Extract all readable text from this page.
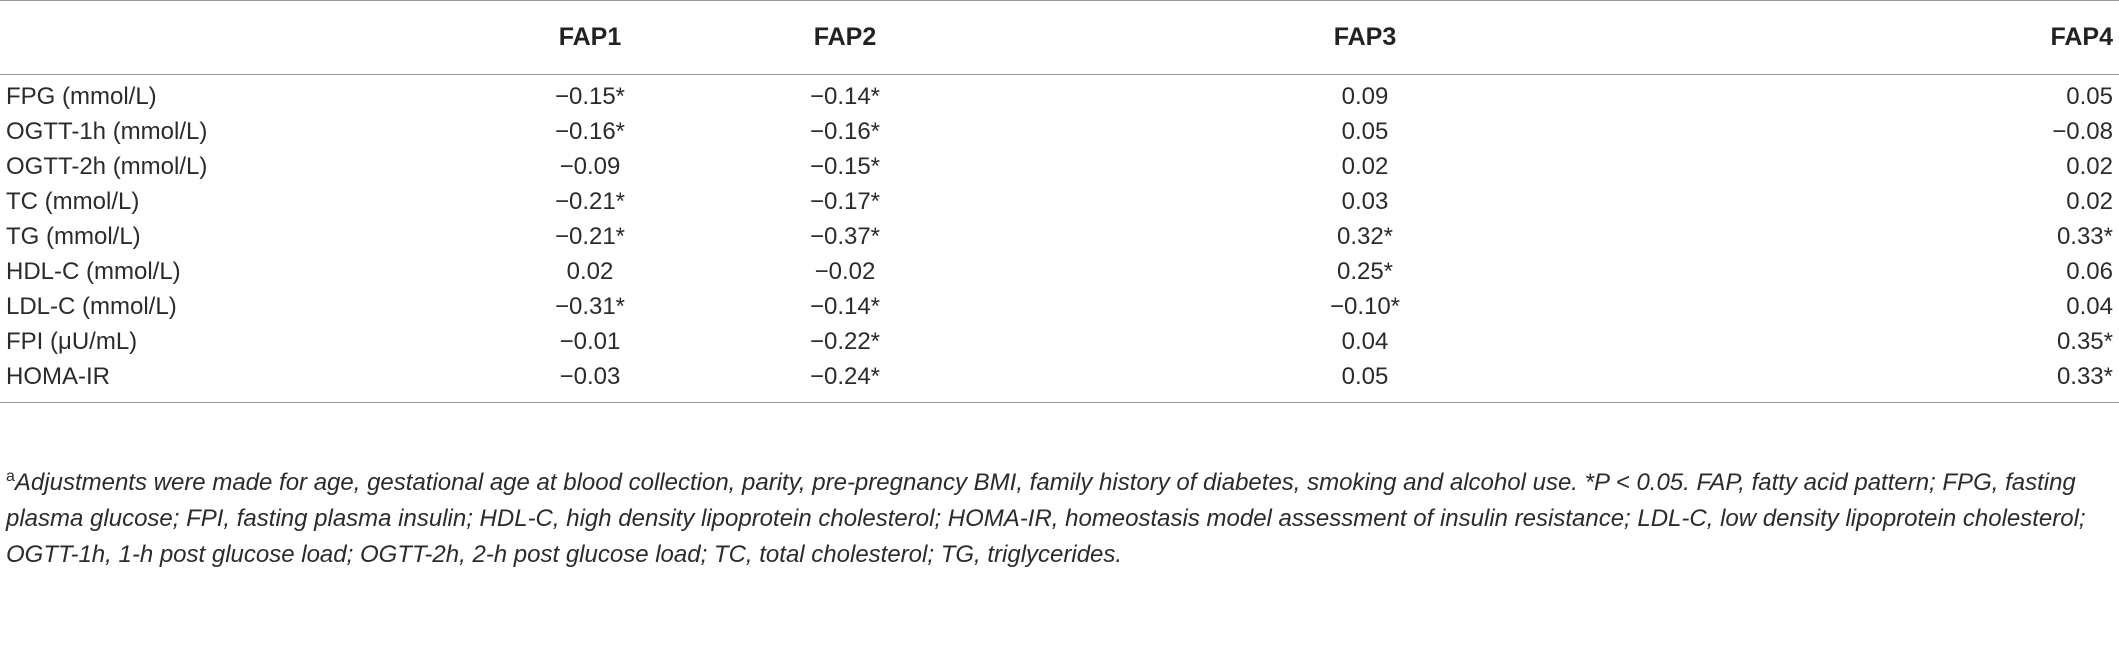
	FAP1	FAP2	FAP3	FAP4
FPG (mmol/L)	−0.15*	−0.14*	0.09	0.05
OGTT-1h (mmol/L)	−0.16*	−0.16*	0.05	−0.08
OGTT-2h (mmol/L)	−0.09	−0.15*	0.02	0.02
TC (mmol/L)	−0.21*	−0.17*	0.03	0.02
TG (mmol/L)	−0.21*	−0.37*	0.32*	0.33*
HDL-C (mmol/L)	0.02	−0.02	0.25*	0.06
LDL-C (mmol/L)	−0.31*	−0.14*	−0.10*	0.04
FPI (μU/mL)	−0.01	−0.22*	0.04	0.35*
HOMA-IR	−0.03	−0.24*	0.05	0.33*
$^a$Adjustments were made for age, gestational age at blood collection, parity, pre-pregnancy BMI, family history of diabetes, smoking and alcohol use. *P < 0.05. FAP, fatty acid pattern; FPG, fasting plasma glucose; FPI, fasting plasma insulin; HDL-C, high density lipoprotein cholesterol; HOMA-IR, homeostasis model assessment of insulin resistance; LDL-C, low density lipoprotein cholesterol; OGTT-1h, 1-h post glucose load; OGTT-2h, 2-h post glucose load; TC, total cholesterol; TG, triglycerides.
